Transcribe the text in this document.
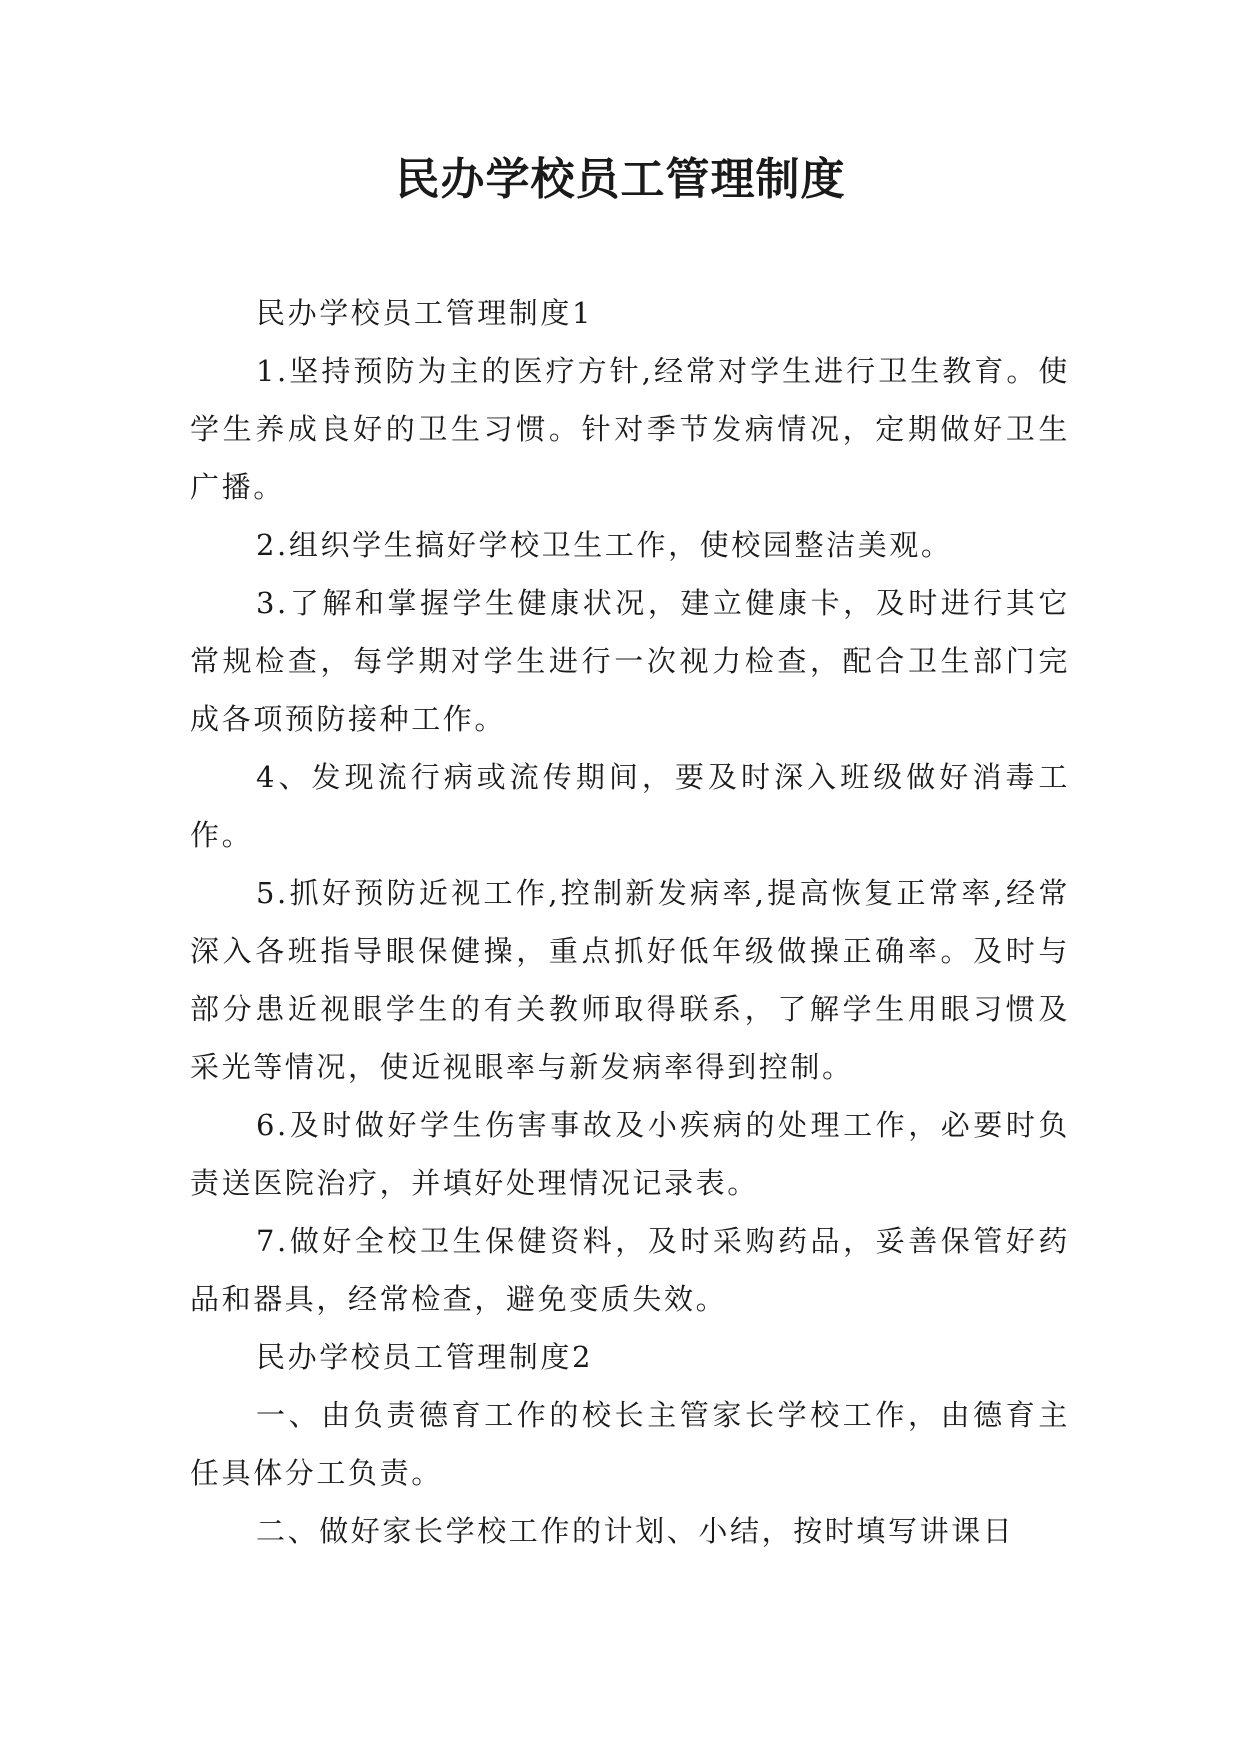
民办学校员工管理制度

民办学校员工管理制度1

1.坚持预防为主的医疗方针,经常对学生进行卫生教育。使学生养成良好的卫生习惯。针对季节发病情况，定期做好卫生广播。

2.组织学生搞好学校卫生工作，使校园整洁美观。

3.了解和掌握学生健康状况，建立健康卡，及时进行其它常规检查，每学期对学生进行一次视力检查，配合卫生部门完成各项预防接种工作。

4、发现流行病或流传期间，要及时深入班级做好消毒工作。

5.抓好预防近视工作,控制新发病率,提高恢复正常率,经常深入各班指导眼保健操，重点抓好低年级做操正确率。及时与部分患近视眼学生的有关教师取得联系，了解学生用眼习惯及采光等情况，使近视眼率与新发病率得到控制。

6.及时做好学生伤害事故及小疾病的处理工作，必要时负责送医院治疗，并填好处理情况记录表。

7.做好全校卫生保健资料，及时采购药品，妥善保管好药品和器具，经常检查，避免变质失效。

民办学校员工管理制度2

一、由负责德育工作的校长主管家长学校工作，由德育主任具体分工负责。

二、做好家长学校工作的计划、小结，按时填写讲课日
